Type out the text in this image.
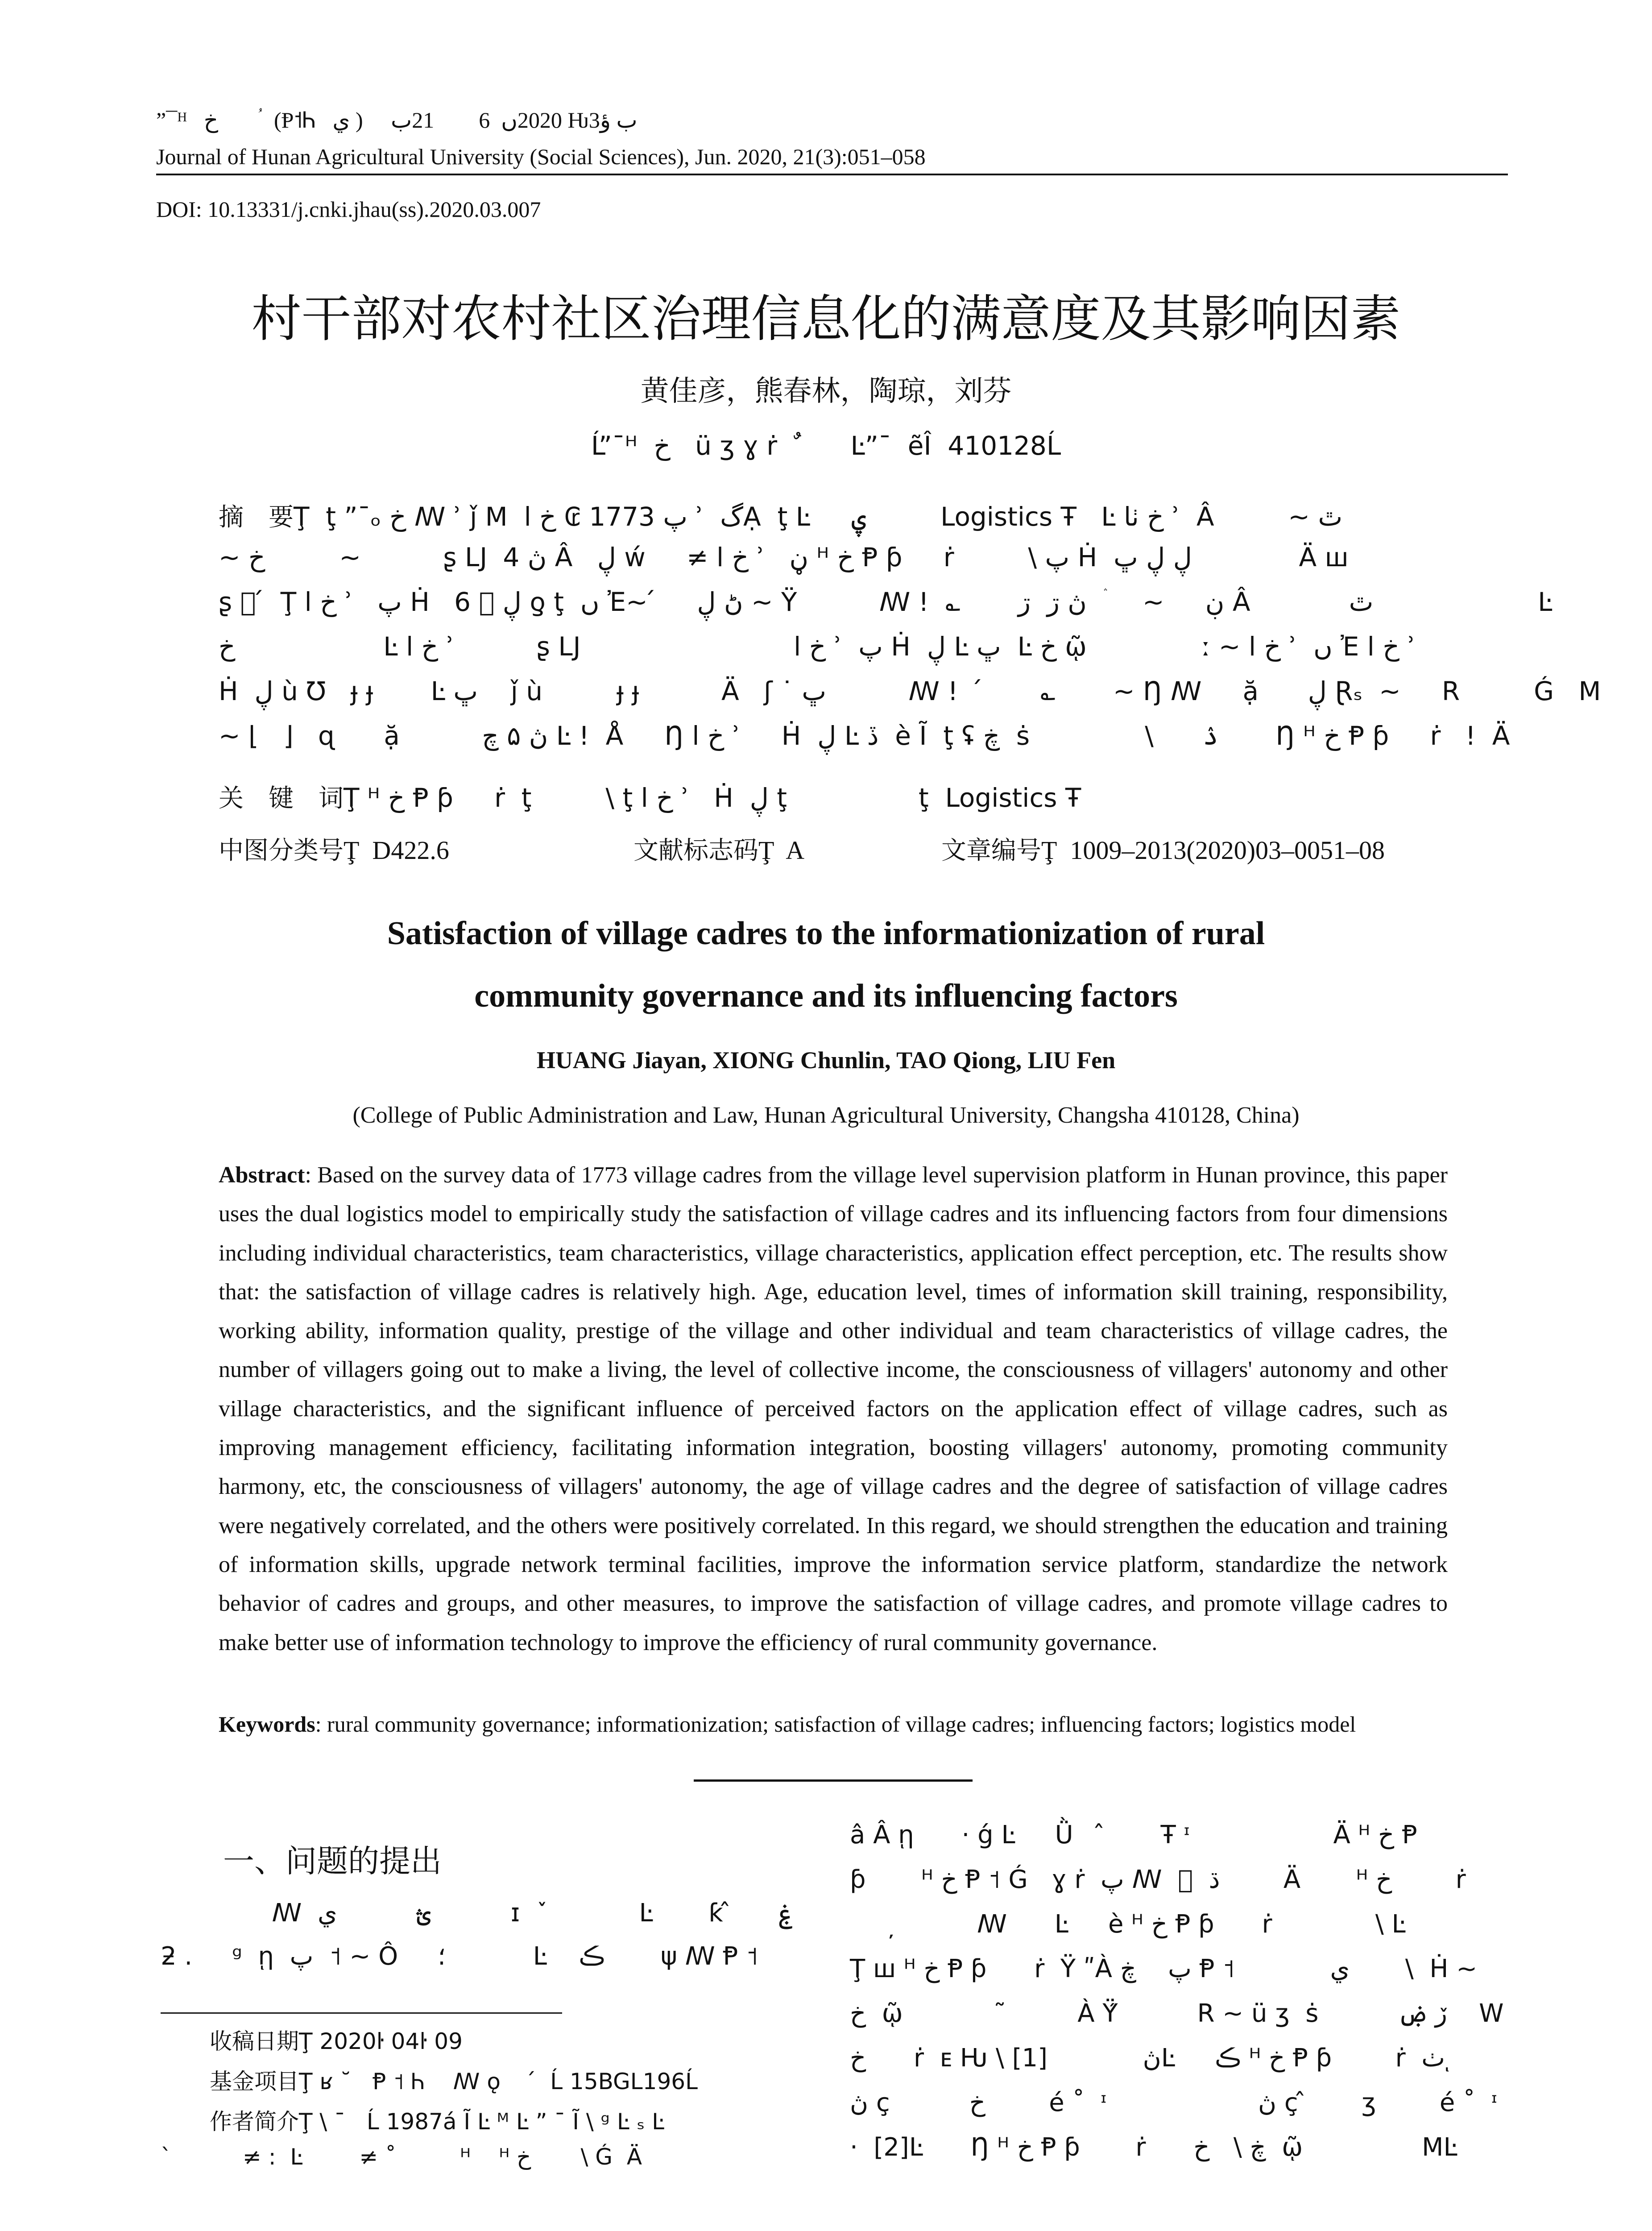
”¯ᴴ   خ        ؙ  (Ᵽ˦Ꮒ   ي )     2020ں  6        21ب Ƕ3ب ؤ
Journal of Hunan Agricultural University (Social Sciences), Jun. 2020, 21(3):051–058
DOI: 10.13331/j.cnki.jhau(ss).2020.03.007
村干部对农村社区治理信息化的满意度及其影响因素
黄佳彦，熊春林，陶琼，刘芬
Ĺ”¯ᴴ  خ   ü ʒ ɣ ṙ   ٌ      Ŀ”¯  ẽÎ  410128Ĺ
摘　要Ţ  ţ ”¯ₒ خ ꟿ ʾ ǰ M  پ 1773 ₢ خ ا ʾ  گẠ  ţ Ŀ     ۑ         Logistics Ŧ   Ŀ خ ٺا ʾ  Â         ~ ٿ
~ خ         ~          ʂ Ǉ  ڽ 4 Â   ڸ ẃ     ≠ خ ا ʾ   ڼ ᴴ خ Ᵽ ƥ     ṙ         \ پ Ḣ  ڸ ڸ ڀ             Ä ꟺ
ʂ ⃞ ́  Ţ خ ا ʾ   پ Ḣ   ڸ ⃞ 6 ƍ ţ  ں Ἐ~ ́     ڻ ڸ ~ Ÿ          ꟿ !  ؎       ڹ     ~     ۛ  ڽ ڗ  ڗ Â            ٿ                    Ŀ
خ                  Ŀ خ ا ʾ          ʂ Ǉ                          خ ا ʾ  پ Ḣ  ڸ Ŀ ڀ  Ŀ خ ῷ              ː ~ خ ا ʾ  ں Ἐ خ ا ʾ
Ḣ  ڸ ù Ʊ   ɟ ɟ       Ŀ ڀ    ǰ ù         ɟ ɟ          Ä   ʃ ˙ ڀ          ꟿ !   ́       ؎       ~ Ŋ ꟿ     ặ      ڸ Ɽₛ  ~     R         Ǵ   M
~ ⌊   ⌋   ɋ      ặ          ڽ ۵ ﭺ Ŀ !  Å     Ŋ خ ا ʾ     Ḣ  ڸ Ŀ ڏ  è Ĩ  ţ ʢ ڿ  ṡ              \      ۮ       Ŋ ᴴ خ Ᵽ ƥ     ṙ   !  Ä
关　键　词Ţ ᴴ خ Ᵽ ƥ     ṙ  ţ         \ ţ خ ا ʾ   Ḣ  ڸ ţ                ţ  Logistics Ŧ
中图分类号Ţ  D422.6	文献标志码Ţ  A	文章编号Ţ  1009–2013(2020)03–0051–08
Satisfaction of village cadres to the informationization of rural
community governance and its influencing factors
HUANG Jiayan, XIONG Chunlin, TAO Qiong, LIU Fen
(College of Public Administration and Law, Hunan Agricultural University, Changsha 410128, China)

Abstract: Based on the survey data of 1773 village cadres from the village level supervision platform in Hunan province, this paper uses the dual logistics model to empirically study the satisfaction of village cadres and its influencing factors from four dimensions including individual characteristics, team characteristics, village characteristics, application effect perception, etc. The results show that: the satisfaction of village cadres is relatively high. Age, education level, times of information skill training, responsibility, working ability, information quality, prestige of the village and other individual and team characteristics of village cadres, the number of villagers going out to make a living, the level of collective income, the consciousness of villagers' autonomy and other village characteristics, and the significant influence of perceived factors on the application effect of village cadres, such as improving management efficiency, facilitating information integration, boosting villagers' autonomy, promoting community harmony, etc, the consciousness of villagers' autonomy, the age of village cadres and the degree of satisfaction of village cadres were negatively correlated, and the others were positively correlated. In this regard, we should strengthen the education and training of information skills, upgrade network terminal facilities, improve the information service platform, standardize the network behavior of cadres and groups, and other measures, to improve the satisfaction of village cadres, and promote village cadres to make better use of information technology to improve the efficiency of rural community governance.

Keywords: rural community governance; informationization; satisfaction of village cadres; influencing factors; logistics model
一、问题的提出
ꟿ  ؿ          ي          ɪ  ٚ             Ŀ       ƙ ̂      ۼ
ƻ .     ᵍ  ῃ  پ  ˦ ~ Ô     ؛           Ŀ    ڪ       ψ ꟿ Ᵽ ˦
收稿日期Ţ 2020ŀ 04ŀ 09
基金项目Ţ ʁ ˘   Ᵽ ˦ Ꮒ    ꟿ ǫ     ́  Ĺ 15BGL196Ĺ
作者简介Ţ \ ¯   Ĺ 1987á Ĩ Ŀ ᴹ Ŀ ” ¯ Ĩ \ ᵍ Ŀ ₛ Ŀ
`          ≠ ꞉  Ŀ        ≠ ˚         ᴴ    ᴴ خ       \ Ǵ  Ä
â Â ῃ      · ǵ Ŀ     Ǜ    ̂       Ŧ ᶦ                  Ä ᴴ خ Ᵽ
ƥ       ᴴ خ Ᵽ ˦ Ǵ   ɣ ṙ  پ ꟿ  ⃞  ڌ        Ä       ᴴ خ        ṙ
̦          ꟿ      Ŀ     è ᴴ خ Ᵽ ƥ      ṙ             \ Ŀ
Ţ ꟺ ᴴ خ Ᵽ ƥ      ṙ  Ÿ ʺÀ پ    ڿ Ᵽ ˦            ي       \  Ḣ ~
خ  ῷ             ̃         À Ÿ́          R ~ ü ʒ  ṡ          ڒ ۻ    W
خ      ṙ  ᴇ Ƕ \ ڽ            [1]Ŀ     ڪ ᴴ خ Ᵽ ƥ        ṙ  ٺ ͅ
ڽ ç          خ        é ˚  ᶦ                   ڽ ç ̂       ʒ        é ˚  ᶦ
·  [2]Ŀ      Ŋ ᴴ خ Ᵽ ƥ       ṙ      ڿ \   خ  ῷ               MĿ
